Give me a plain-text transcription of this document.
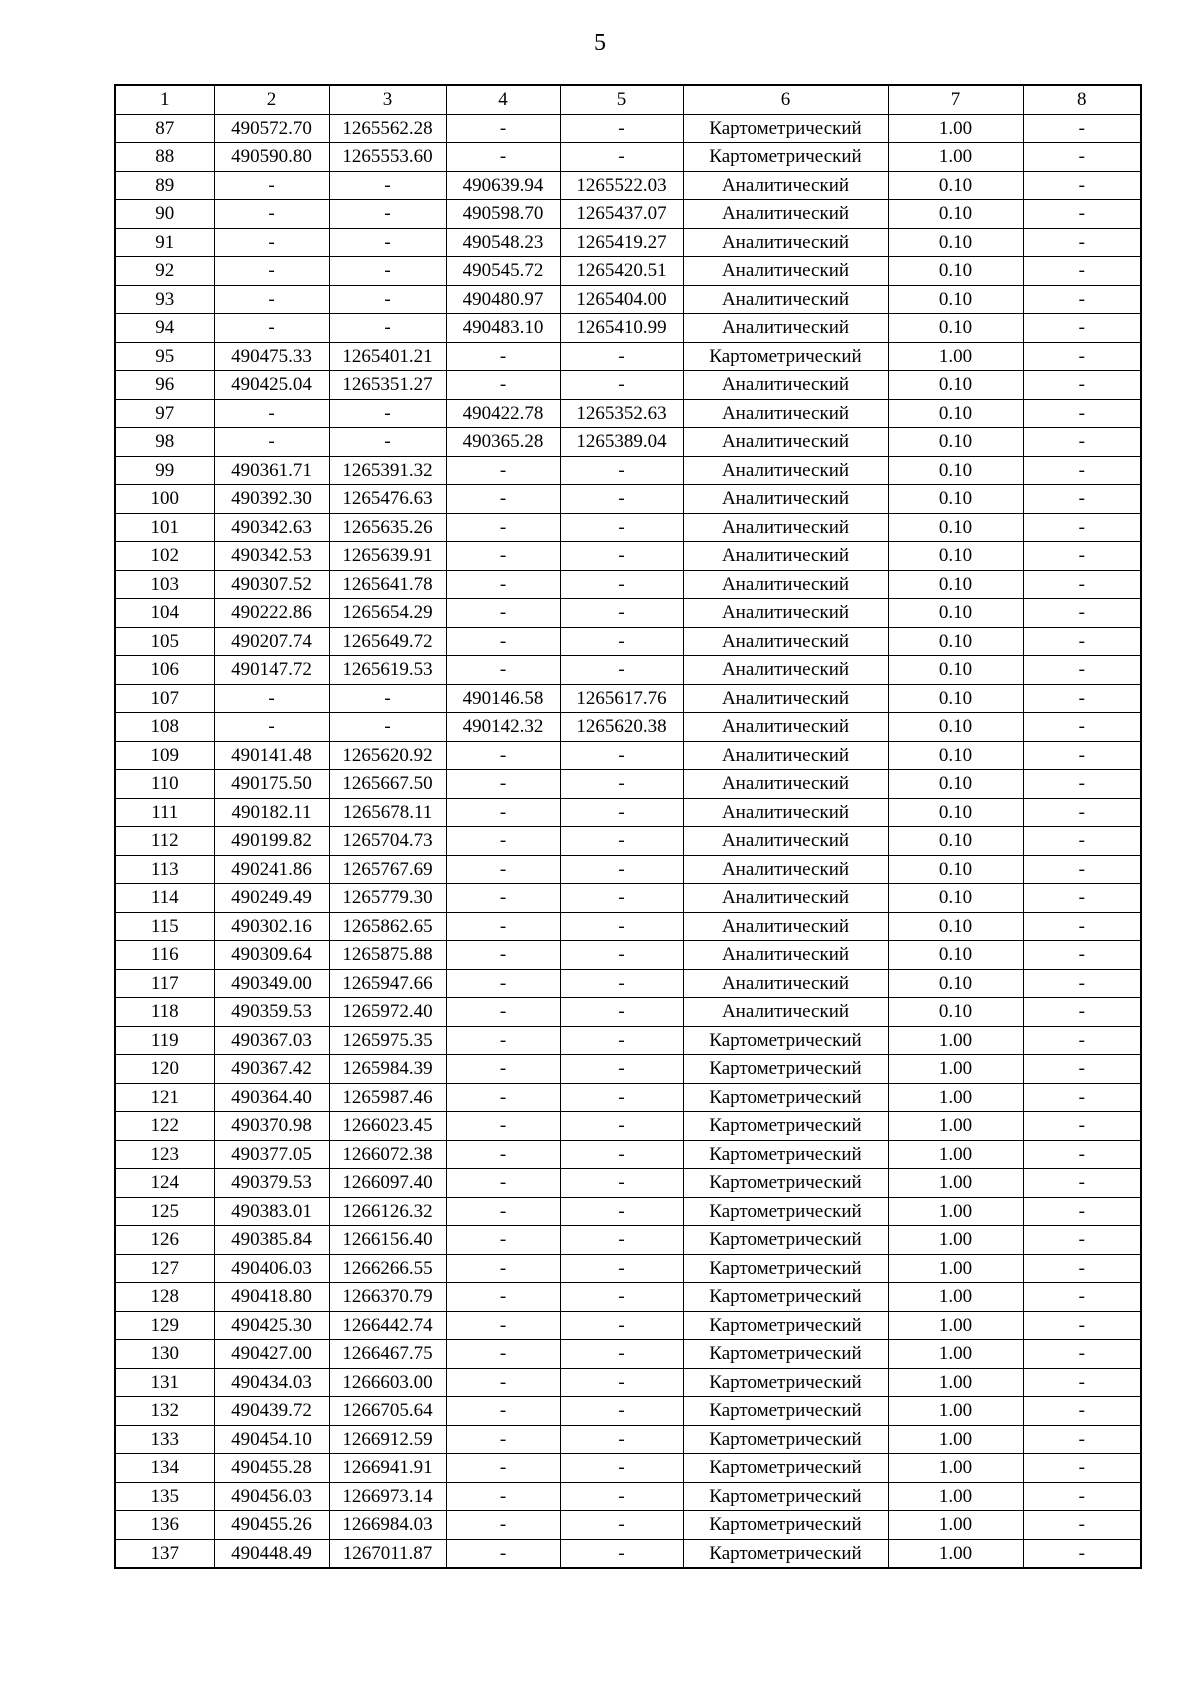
5
1	2	3	4	5	6	7	8
87	490572.70	1265562.28	-	-	Картометрический	1.00	-
88	490590.80	1265553.60	-	-	Картометрический	1.00	-
89	-	-	490639.94	1265522.03	Аналитический	0.10	-
90	-	-	490598.70	1265437.07	Аналитический	0.10	-
91	-	-	490548.23	1265419.27	Аналитический	0.10	-
92	-	-	490545.72	1265420.51	Аналитический	0.10	-
93	-	-	490480.97	1265404.00	Аналитический	0.10	-
94	-	-	490483.10	1265410.99	Аналитический	0.10	-
95	490475.33	1265401.21	-	-	Картометрический	1.00	-
96	490425.04	1265351.27	-	-	Аналитический	0.10	-
97	-	-	490422.78	1265352.63	Аналитический	0.10	-
98	-	-	490365.28	1265389.04	Аналитический	0.10	-
99	490361.71	1265391.32	-	-	Аналитический	0.10	-
100	490392.30	1265476.63	-	-	Аналитический	0.10	-
101	490342.63	1265635.26	-	-	Аналитический	0.10	-
102	490342.53	1265639.91	-	-	Аналитический	0.10	-
103	490307.52	1265641.78	-	-	Аналитический	0.10	-
104	490222.86	1265654.29	-	-	Аналитический	0.10	-
105	490207.74	1265649.72	-	-	Аналитический	0.10	-
106	490147.72	1265619.53	-	-	Аналитический	0.10	-
107	-	-	490146.58	1265617.76	Аналитический	0.10	-
108	-	-	490142.32	1265620.38	Аналитический	0.10	-
109	490141.48	1265620.92	-	-	Аналитический	0.10	-
110	490175.50	1265667.50	-	-	Аналитический	0.10	-
111	490182.11	1265678.11	-	-	Аналитический	0.10	-
112	490199.82	1265704.73	-	-	Аналитический	0.10	-
113	490241.86	1265767.69	-	-	Аналитический	0.10	-
114	490249.49	1265779.30	-	-	Аналитический	0.10	-
115	490302.16	1265862.65	-	-	Аналитический	0.10	-
116	490309.64	1265875.88	-	-	Аналитический	0.10	-
117	490349.00	1265947.66	-	-	Аналитический	0.10	-
118	490359.53	1265972.40	-	-	Аналитический	0.10	-
119	490367.03	1265975.35	-	-	Картометрический	1.00	-
120	490367.42	1265984.39	-	-	Картометрический	1.00	-
121	490364.40	1265987.46	-	-	Картометрический	1.00	-
122	490370.98	1266023.45	-	-	Картометрический	1.00	-
123	490377.05	1266072.38	-	-	Картометрический	1.00	-
124	490379.53	1266097.40	-	-	Картометрический	1.00	-
125	490383.01	1266126.32	-	-	Картометрический	1.00	-
126	490385.84	1266156.40	-	-	Картометрический	1.00	-
127	490406.03	1266266.55	-	-	Картометрический	1.00	-
128	490418.80	1266370.79	-	-	Картометрический	1.00	-
129	490425.30	1266442.74	-	-	Картометрический	1.00	-
130	490427.00	1266467.75	-	-	Картометрический	1.00	-
131	490434.03	1266603.00	-	-	Картометрический	1.00	-
132	490439.72	1266705.64	-	-	Картометрический	1.00	-
133	490454.10	1266912.59	-	-	Картометрический	1.00	-
134	490455.28	1266941.91	-	-	Картометрический	1.00	-
135	490456.03	1266973.14	-	-	Картометрический	1.00	-
136	490455.26	1266984.03	-	-	Картометрический	1.00	-
137	490448.49	1267011.87	-	-	Картометрический	1.00	-
